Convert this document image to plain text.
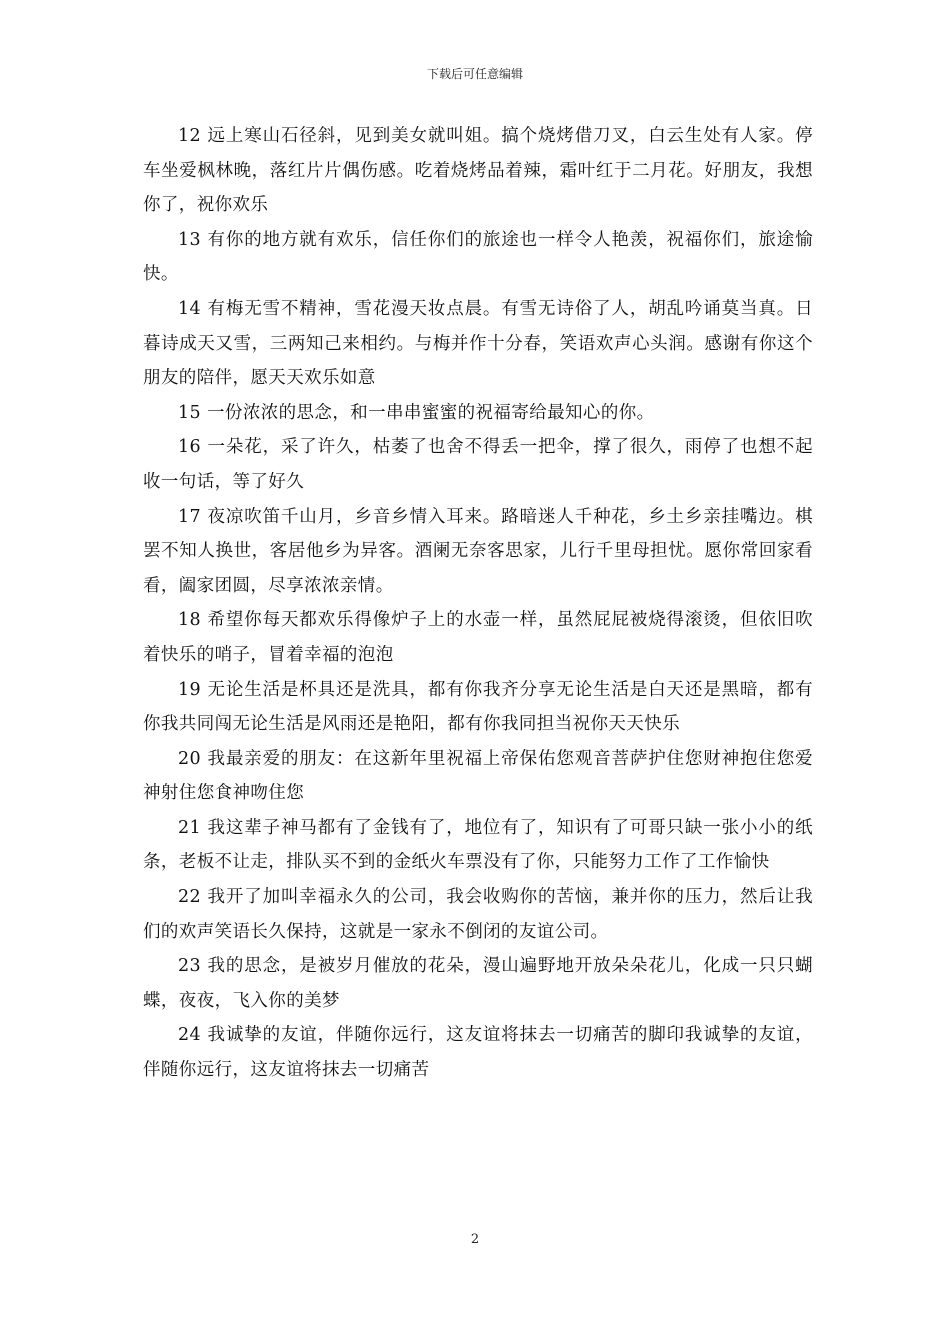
下载后可任意编辑

12 远上寒山石径斜，见到美女就叫姐。搞个烧烤借刀叉，白云生处有人家。停车坐爱枫林晚，落红片片偶伤感。吃着烧烤品着辣，霜叶红于二月花。好朋友，我想你了，祝你欢乐

13 有你的地方就有欢乐，信任你们的旅途也一样令人艳羡，祝福你们，旅途愉快。

14 有梅无雪不精神，雪花漫天妆点晨。有雪无诗俗了人，胡乱吟诵莫当真。日暮诗成天又雪，三两知己来相约。与梅并作十分春，笑语欢声心头润。感谢有你这个朋友的陪伴，愿天天欢乐如意

15 一份浓浓的思念，和一串串蜜蜜的祝福寄给最知心的你。

16 一朵花，采了许久，枯萎了也舍不得丢一把伞，撑了很久，雨停了也想不起收一句话，等了好久

17 夜凉吹笛千山月，乡音乡情入耳来。路暗迷人千种花，乡土乡亲挂嘴边。棋罢不知人换世，客居他乡为异客。酒阑无奈客思家，儿行千里母担忧。愿你常回家看看，阖家团圆，尽享浓浓亲情。

18 希望你每天都欢乐得像炉子上的水壶一样，虽然屁屁被烧得滚烫，但依旧吹着快乐的哨子，冒着幸福的泡泡

19 无论生活是杯具还是洗具，都有你我齐分享无论生活是白天还是黑暗，都有你我共同闯无论生活是风雨还是艳阳，都有你我同担当祝你天天快乐

20 我最亲爱的朋友：在这新年里祝福上帝保佑您观音菩萨护住您财神抱住您爱神射住您食神吻住您

21 我这辈子神马都有了金钱有了，地位有了，知识有了可哥只缺一张小小的纸条，老板不让走，排队买不到的金纸火车票没有了你，只能努力工作了工作愉快

22 我开了加叫幸福永久的公司，我会收购你的苦恼，兼并你的压力，然后让我们的欢声笑语长久保持，这就是一家永不倒闭的友谊公司。

23 我的思念，是被岁月催放的花朵，漫山遍野地开放朵朵花儿，化成一只只蝴蝶，夜夜，飞入你的美梦

24 我诚挚的友谊，伴随你远行，这友谊将抹去一切痛苦的脚印我诚挚的友谊，伴随你远行，这友谊将抹去一切痛苦

2
